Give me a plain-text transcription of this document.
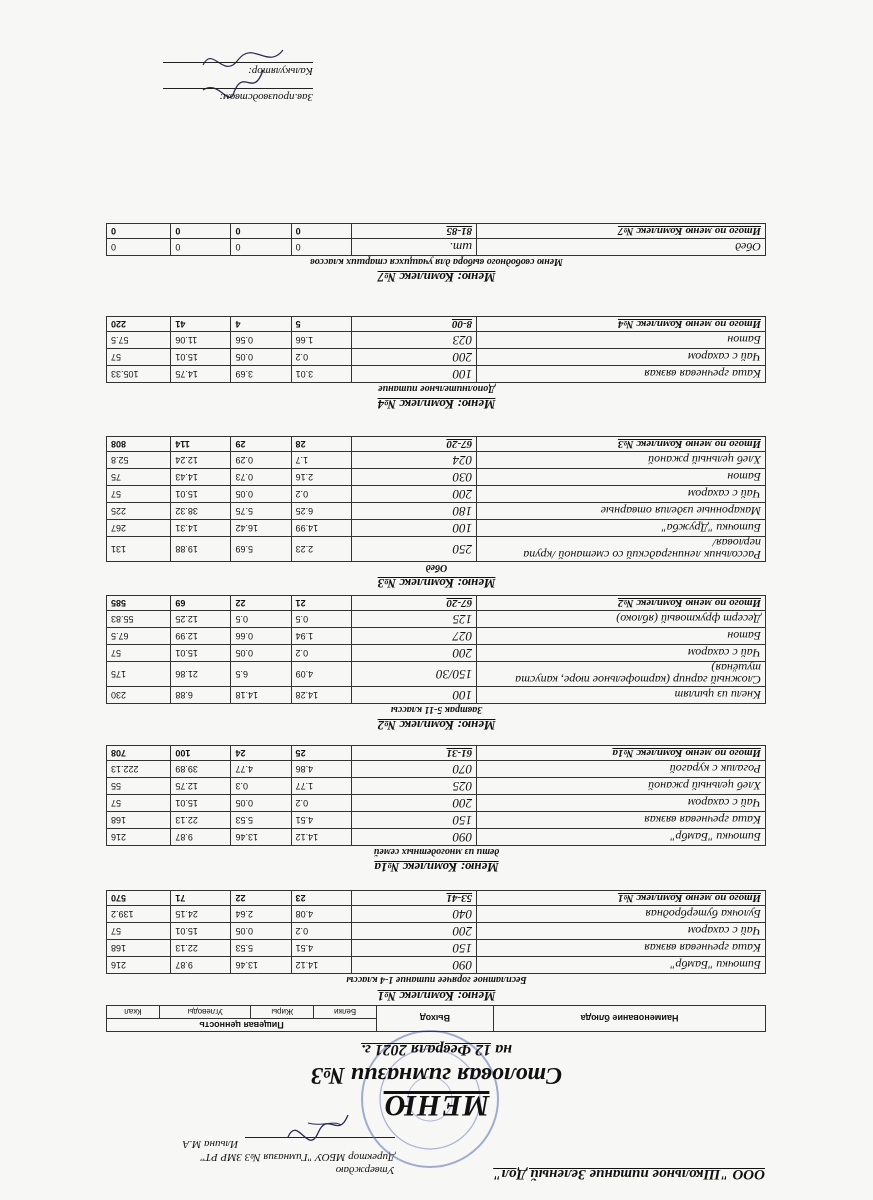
ООО "Школьное питание Зеленый Дол"
Утверждаю
Директор МБОУ "Гимназия №3 ЗМР РТ"
Ильина М.А
МЕНЮ
Столовая гимназии №3
на 12 Февраля 2021 г.
Наименование блюда	Выход	Пищевая ценность			
		Белки	Жиры	Углеводы	Ккал
Меню: Комплекс №1
Бесплатное горячее питание 1-4 классы
Биточки "Бамбр"	090	14.12	13.46	9.87	216
Каша гречневая вязкая	150	4.51	5.53	22.13	168
Чай с сахаром	200	0.2	0.05	15.01	57
Булочка бутербродная	040	4.08	2.64	24.15	139.2
Итого по меню Комплекс №1	53-41	23	22	71	570
Меню: Комплекс №1а
дети из многодетных семей
Биточки "Бамбр"	090	14.12	13.46	9.87	216
Каша гречневая вязкая	150	4.51	5.53	22.13	168
Чай с сахаром	200	0.2	0.05	15.01	57
Хлеб цельный ржаной	025	1.77	0.3	12.75	55
Рогалик с курагой	070	4.86	4.77	39.89	222.13
Итого по меню Комплекс №1а	61-31	25	24	100	708
Меню: Комплекс №2
Завтрак 5-11 классы
Кнели из цыплят	100	14.28	14.18	6.88	230
Сложный гарнир (картофельное пюре, капуста тушёная)	150/30	4.09	6.5	21.86	175
Чай с сахаром	200	0.2	0.05	15.01	57
Батон	027	1.94	0.66	12.99	67.5
Десерт фруктовый (яблоко)	125	0.5	0.5	12.25	55.83
Итого по меню Комплекс №2	67-20	21	22	69	585
Меню: Комплекс №3
Обед
Рассольник ленинградский со сметаной /крупа перловая/	250	2.23	5.69	19.88	131
Биточки "Дружба"	100	14.99	16.42	14.31	267
Макаронные изделия отварные	180	6.25	5.75	38.32	225
Чай с сахаром	200	0.2	0.05	15.01	57
Батон	030	2.16	0.73	14.43	75
Хлеб цельный ржаной	024	1.7	0.29	12.24	52.8
Итого по меню Комплекс №3	67-20	28	29	114	808
Меню: Комплекс №4
Дополнительное питание
Каша гречневая вязкая	100	3.01	3.69	14.75	105.33
Чай с сахаром	200	0.2	0.05	15.01	57
Батон	023	1.66	0.56	11.06	57.5
Итого по меню Комплекс №4	8-00	5	4	41	220
Меню: Комплекс №7
Меню свободного выбора для учащихся старших классов
Обед	шт.	0	0	0	0
Итого по меню Комплекс №7	81-85	0	0	0	0
Зав.производством:
Калькулятор:
